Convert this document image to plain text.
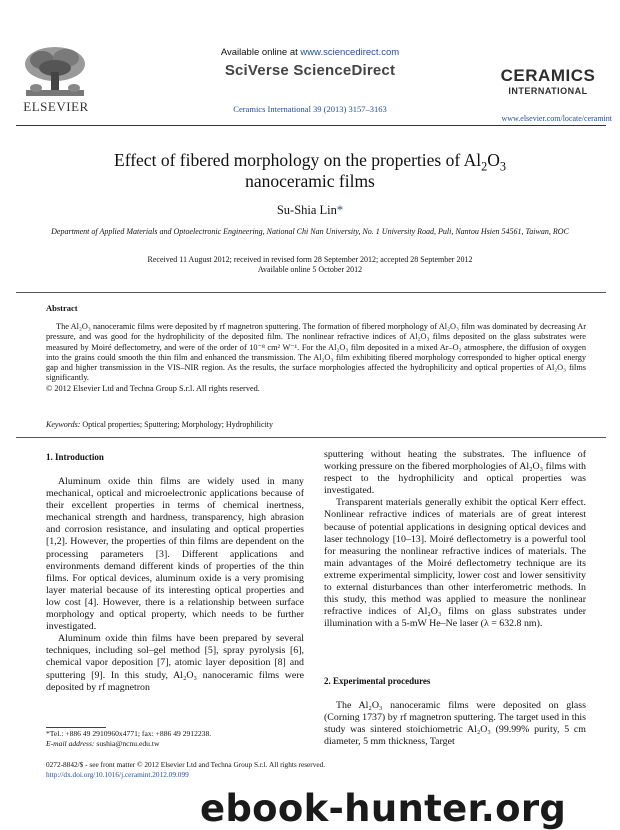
Available online at www.sciencedirect.com
SciVerse ScienceDirect
Ceramics International 39 (2013) 3157–3163
ELSEVIER
CERAMICS
INTERNATIONAL
www.elsevier.com/locate/ceramint
Effect of fibered morphology on the properties of $Al_2O_3$
nanoceramic films
Su-Shia Lin*
Department of Applied Materials and Optoelectronic Engineering, National Chi Nan University, No. 1 University Road, Puli, Nantou Hsien 54561, Taiwan, ROC
Received 11 August 2012; received in revised form 28 September 2012; accepted 28 September 2012
Available online 5 October 2012
Abstract
The Al₂O₃ nanoceramic films were deposited by rf magnetron sputtering. The formation of fibered morphology of Al₂O₃ film was dominated by decreasing Ar pressure, and was good for the hydrophilicity of the deposited film. The nonlinear refractive indices of Al₂O₃ films deposited on the glass substrates were measured by Moiré deflectometry, and were of the order of 10⁻⁸ cm² W⁻¹. For the Al₂O₃ film deposited in a mixed Ar–O₂ atmosphere, the diffusion of oxygen into the grains could smooth the thin film and enhanced the transmission. The Al₂O₃ film exhibiting fibered morphology corresponded to higher optical energy gap and higher transmission in the VIS–NIR region. As the results, the surface morphologies affected the hydrophilicity and optical properties of Al₂O₃ films significantly.
© 2012 Elsevier Ltd and Techna Group S.r.l. All rights reserved.
Keywords: Optical properties; Sputtering; Morphology; Hydrophilicity
1. Introduction

Aluminum oxide thin films are widely used in many mechanical, optical and microelectronic applications because of their excellent properties in terms of chemical inertness, mechanical strength and hardness, transparency, high abrasion and corrosion resistance, and insulating and optical properties [1,2]. However, the properties of thin films are dependent on the processing parameters [3]. Different applications and environments demand different kinds of properties of the thin films. For optical devices, aluminum oxide is a very promising layer material because of its interesting optical properties and low cost [4]. However, there is a relationship between surface morphology and optical property, which needs to be further investigated.

Aluminum oxide thin films have been prepared by several techniques, including sol–gel method [5], spray pyrolysis [6], chemical vapor deposition [7], atomic layer deposition [8] and sputtering [9]. In this study, Al₂O₃ nanoceramic films were deposited by rf magnetron

sputtering without heating the substrates. The influence of working pressure on the fibered morphologies of Al₂O₃ films with respect to the hydrophilicity and optical properties was investigated.

Transparent materials generally exhibit the optical Kerr effect. Nonlinear refractive indices of materials are of great interest because of potential applications in designing optical devices and laser technology [10–13]. Moiré deflectometry is a powerful tool for measuring the nonlinear refractive indices of materials. The main advantages of the Moiré deflectometry technique are its extreme experimental simplicity, lower cost and lower sensitivity to external disturbances than other interferometric methods. In this study, this method was applied to measure the nonlinear refractive indices of Al₂O₃ films on glass substrates under illumination with a 5-mW He–Ne laser (λ = 632.8 nm).

2. Experimental procedures

The Al₂O₃ nanoceramic films were deposited on glass (Corning 1737) by rf magnetron sputtering. The target used in this study was sintered stoichiometric Al₂O₃ (99.99% purity, 5 cm diameter, 5 mm thickness, Target

*Tel.: +886 49 2910960x4771; fax: +886 49 2912238.
E-mail address: sushia@ncnu.edu.tw
0272-8842/$ - see front matter © 2012 Elsevier Ltd and Techna Group S.r.l. All rights reserved.
http://dx.doi.org/10.1016/j.ceramint.2012.09.099
ebook-hunter.org
